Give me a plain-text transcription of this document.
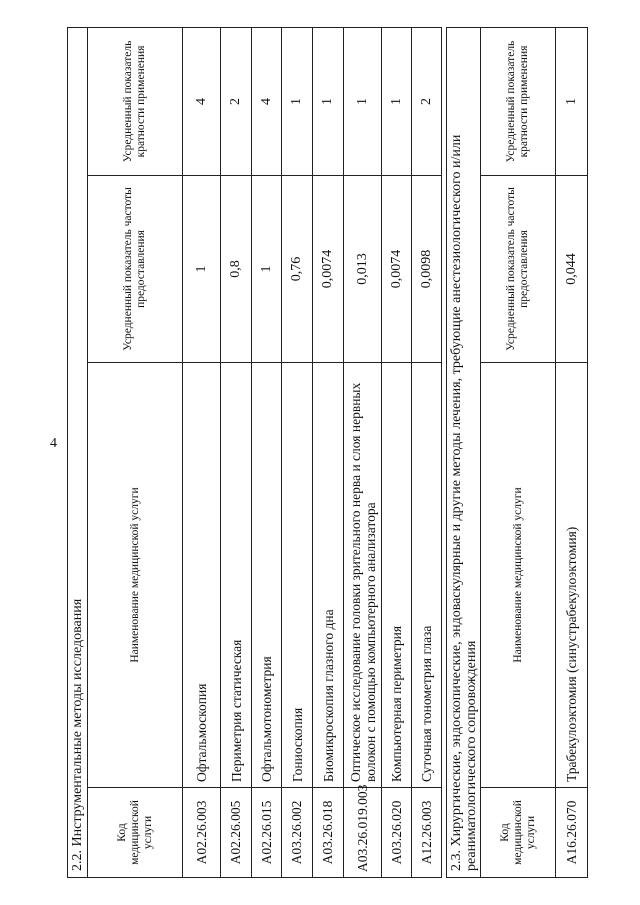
4
2.2. Инструментальные методы исследования			
Код медицинской услуги	Наименование медицинской услуги	Усредненный показатель частоты предоставления	Усредненный показатель кратности применения
A02.26.003	Офтальмоскопия	1	4
A02.26.005	Периметрия статическая	0,8	2
A02.26.015	Офтальмотонометрия	1	4
A03.26.002	Гониоскопия	0,76	1
A03.26.018	Биомикроскопия глазного дна	0,0074	1
A03.26.019.003	Оптическое исследование головки зрительного нерва и слоя нервных волокон с помощью компьютерного анализатора	0,013	1
A03.26.020	Компьютерная периметрия	0,0074	1
A12.26.003	Суточная тонометрия глаза	0,0098	2
2.3. Хирургические, эндоскопические, эндоваскулярные и другие методы лечения, требующие анестезиологического и/или реаниматологического сопровождения			
Код медицинской услуги	Наименование медицинской услуги	Усредненный показатель частоты предоставления	Усредненный показатель кратности применения
A16.26.070	Трабекулоэктомия (синустрабекулоэктомия)	0,044	1
